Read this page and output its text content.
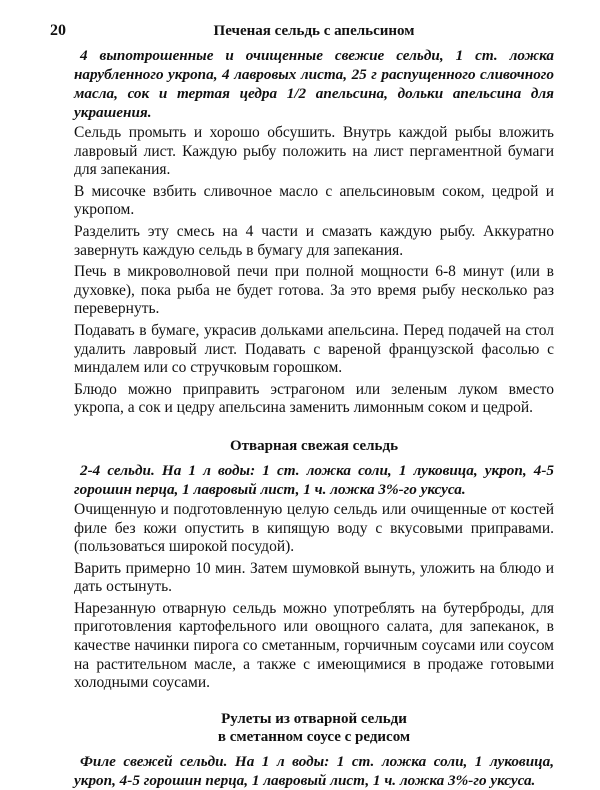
20	Печеная сельдь с апельсином

4 выпотрошенные и очищенные свежие сельди, 1 ст. ложка нарубленного укропа, 4 лавровых листа, 25 г распущенного сливочного масла, сок и тертая цедра 1/2 апельсина, дольки апельсина для украшения.

Сельдь промыть и хорошо обсушить. Внутрь каждой рыбы вложить лавровый лист. Каждую рыбу положить на лист пергаментной бумаги для запекания.

В мисочке взбить сливочное масло с апельсиновым соком, цедрой и укропом.

Разделить эту смесь на 4 части и смазать каждую рыбу. Аккуратно завернуть каждую сельдь в бумагу для запекания.

Печь в микроволновой печи при полной мощности 6-8 минут (или в духовке), пока рыба не будет готова. За это время рыбу несколько раз перевернуть.

Подавать в бумаге, украсив дольками апельсина. Перед подачей на стол удалить лавровый лист. Подавать с вареной французской фасолью с миндалем или со стручковым горошком.

Блюдо можно приправить эстрагоном или зеленым луком вместо укропа, а сок и цедру апельсина заменить лимонным соком и цедрой.

Отварная свежая сельдь

2-4 сельди. На 1 л воды: 1 ст. ложка соли, 1 луковица, укроп, 4-5 горошин перца, 1 лавровый лист, 1 ч. ложка 3%-го уксуса.

Очищенную и подготовленную целую сельдь или очищенные от костей филе без кожи опустить в кипящую воду с вкусовыми приправами.(пользоваться широкой посудой).

Варить примерно 10 мин. Затем шумовкой вынуть, уложить на блюдо и дать остынуть.

Нарезанную отварную сельдь можно употреблять на бутерброды, для приготовления картофельного или овощного салата, для запеканок, в качестве начинки пирога со сметанным, горчичным соусами или соусом на растительном масле, а также с имеющимися в продаже готовыми холодными соусами.

Рулеты из отварной сельди
в сметанном соусе с редисом

Филе свежей сельди. На 1 л воды: 1 ст. ложка соли, 1 луковица, укроп, 4-5 горошин перца, 1 лавровый лист, 1 ч. ложка 3%-го уксуса.
